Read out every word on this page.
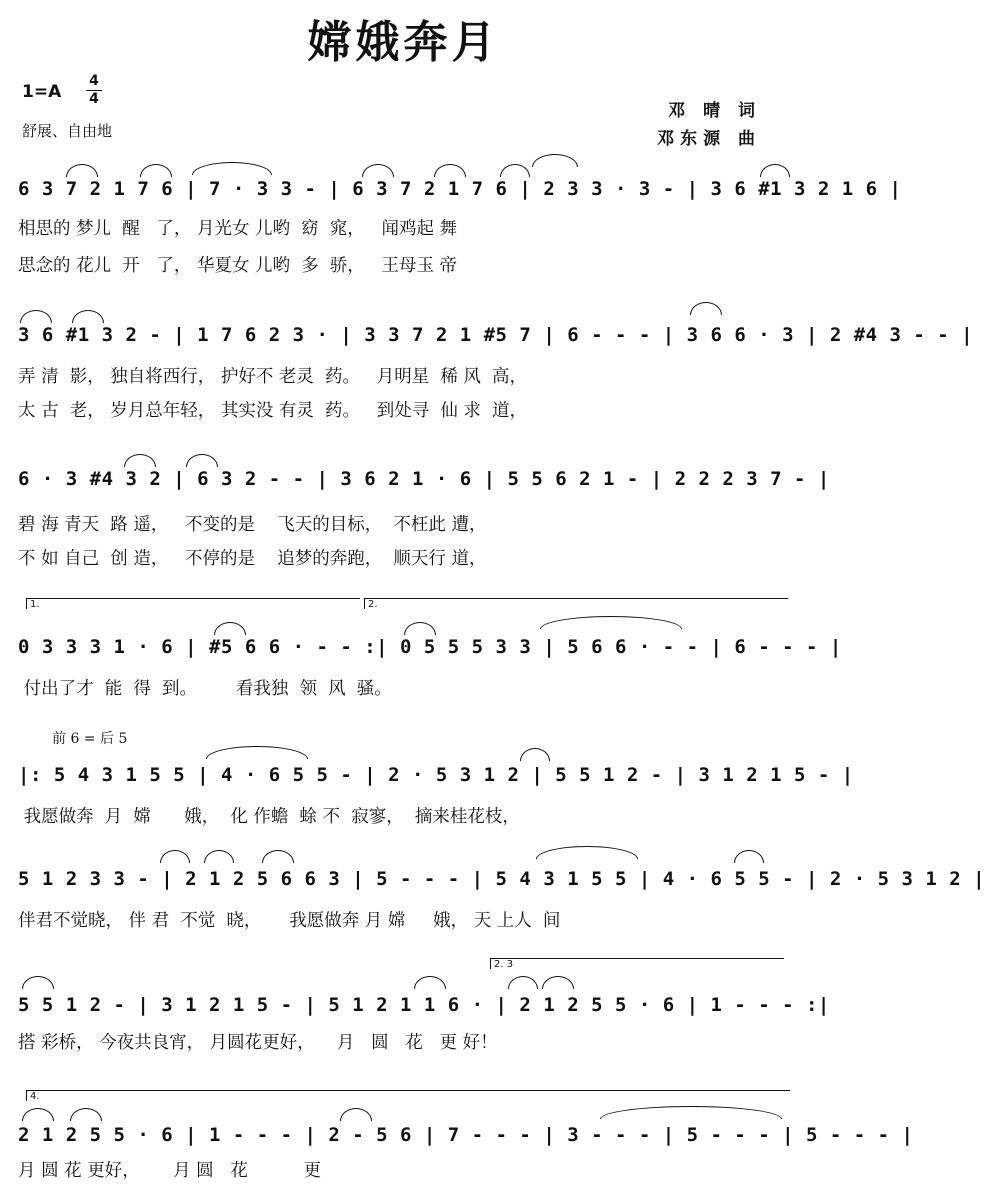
嫦娥奔月
1=A
4
4
舒展、自由地
邓 晴 词
邓东源 曲
6 3 7 2 1 7 6 | 7 · 3 3 - | 6 3 7 2 1 7 6 | 2 3 3 · 3 - | 3 6 #1 3 2 1 6 |
相思的 梦儿  醒   了， 月光女 儿哟  窈  窕，   闻鸡起 舞
思念的 花儿  开   了， 华夏女 儿哟  多  骄，   王母玉 帝
3 6 #1 3 2 - | 1 7 6 2 3 · | 3 3 7 2 1 #5 7 | 6 - - - | 3 6 6 · 3 | 2 #4 3 - - |
弄 清  影， 独自将西行， 护好不 老灵  药。   月明星  稀 风  高，
太 古  老， 岁月总年轻， 其实没 有灵  药。   到处寻  仙 求  道，
6 · 3 #4 3 2 | 6 3 2 - - | 3 6 2 1 · 6 | 5 5 6 2 1 - | 2 2 2 3 7 - |
碧 海 青天  路 遥，   不变的是    飞天的目标，  不枉此 遭，
不 如 自己  创 造，   不停的是    追梦的奔跑，  顺天行 道，
1.	2.
0 3 3 3 1 · 6 | #5 6 6 · - - :| 0 5 5 5 3 3 | 5 6 6 · - - | 6 - - - |
付出了才  能  得  到。       看我独  领  风  骚。
前 6 = 后 5
|: 5 4 3 1 5 5 | 4 · 6 5 5 - | 2 · 5 3 1 2 | 5 5 1 2 - | 3 1 2 1 5 - |
我愿做奔  月  嫦      娥，  化 作蟾  蜍 不  寂寥，  摘来桂花枝，
5 1 2 3 3 - | 2 1 2 5 6 6 3 | 5 - - - | 5 4 3 1 5 5 | 4 · 6 5 5 - | 2 · 5 3 1 2 |
伴君不觉晓， 伴 君  不觉  晓，     我愿做奔 月 嫦     娥， 天 上人  间
2. 3
5 5 1 2 - | 3 1 2 1 5 - | 5 1 2 1 1 6 · | 2 1 2 5 5 · 6 | 1 - - - :|
搭 彩桥， 今夜共良宵， 月圆花更好，    月   圆   花   更 好！
4.
2 1 2 5 5 · 6 | 1 - - - | 2 - 5 6 | 7 - - - | 3 - - - | 5 - - - | 5 - - - |
月 圆 花 更好，      月 圆   花          更
